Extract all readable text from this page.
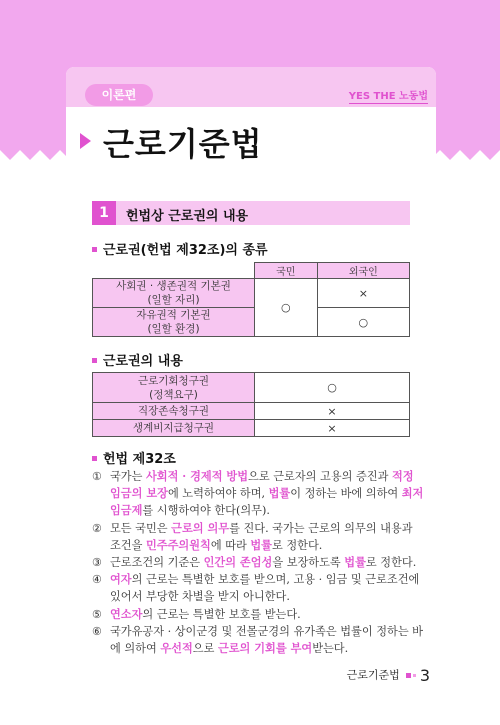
이론편	YES THE 노동법
근로기준법
1	헌법상 근로권의 내용
근로권(헌법 제32조)의 종류
	국민	외국인
사회권 · 생존권적 기본권
(일할 자리)	○	×
자유권적 기본권
(일할 환경)		○
근로권의 내용
근로기회청구권
(정책요구)	○
직장존속청구권	×
생계비지급청구권	×
헌법 제32조
① 국가는 사회적 · 경제적 방법으로 근로자의 고용의 증진과 적정임금의 보장에 노력하여야 하며, 법률이 정하는 바에 의하여 최저임금제를 시행하여야 한다(의무).
② 모든 국민은 근로의 의무를 진다. 국가는 근로의 의무의 내용과 조건을 민주주의원칙에 따라 법률로 정한다.
③ 근로조건의 기준은 인간의 존엄성을 보장하도록 법률로 정한다.
④ 여자의 근로는 특별한 보호를 받으며, 고용 · 임금 및 근로조건에 있어서 부당한 차별을 받지 아니한다.
⑤ 연소자의 근로는 특별한 보호를 받는다.
⑥ 국가유공자 · 상이군경 및 전몰군경의 유가족은 법률이 정하는 바에 의하여 우선적으로 근로의 기회를 부여받는다.
근로기준법 3
